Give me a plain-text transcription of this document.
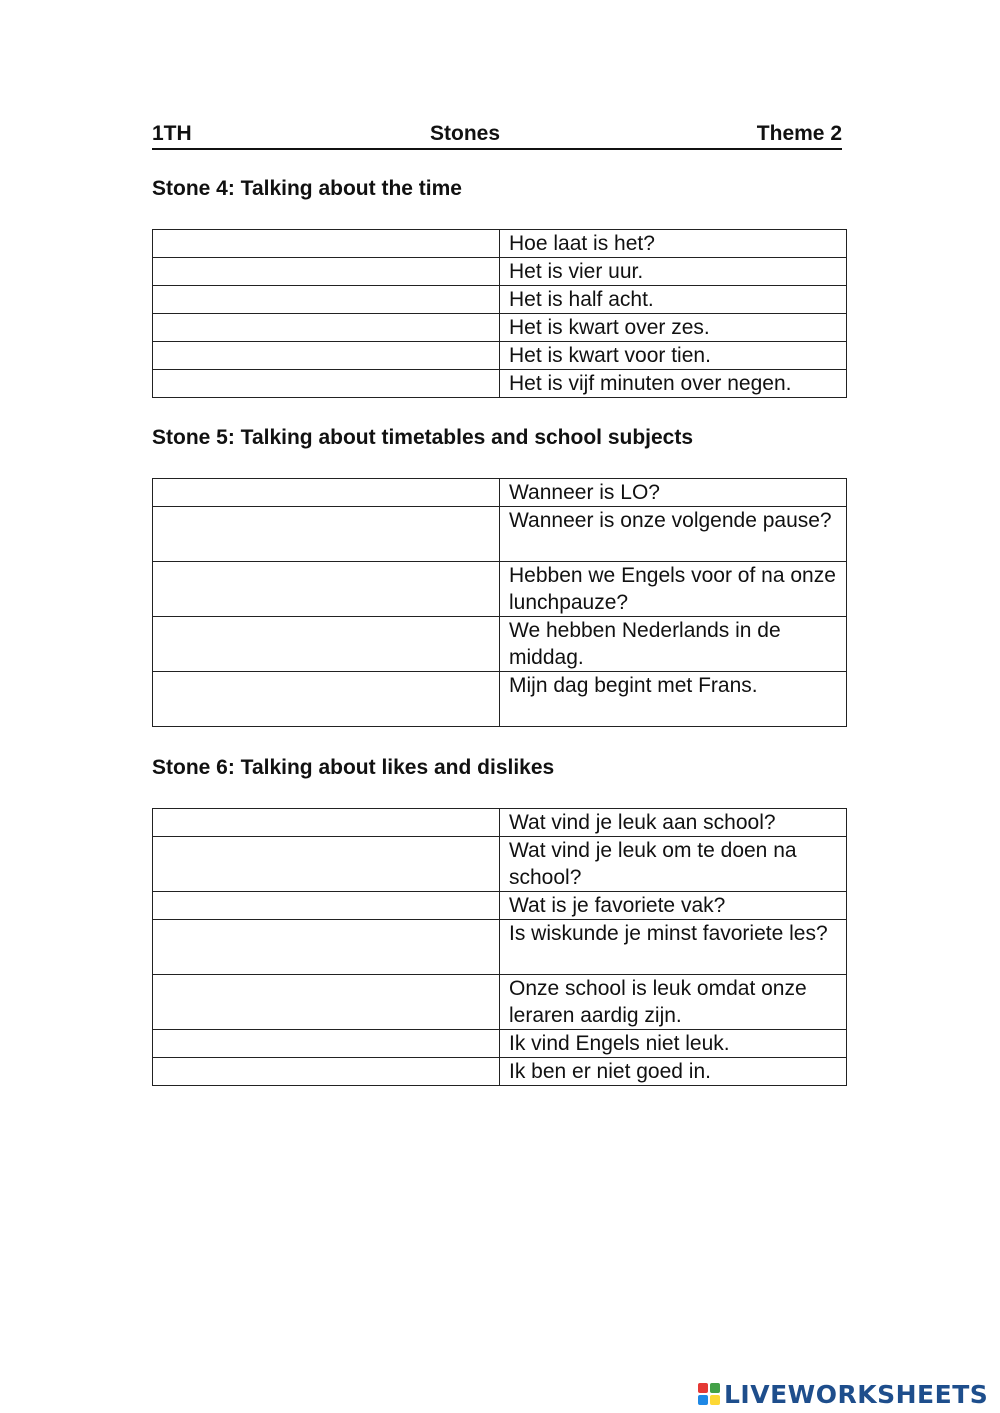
1TH	Stones	Theme 2
Stone 4: Talking about the time
	Hoe laat is het?
	Het is vier uur.
	Het is half acht.
	Het is kwart over zes.
	Het is kwart voor tien.
	Het is vijf minuten over negen.
Stone 5: Talking about timetables and school subjects
	Wanneer is LO?
	Wanneer is onze volgende pause?
	Hebben we Engels voor of na onze lunchpauze?
	We hebben Nederlands in de middag.
	Mijn dag begint met Frans.
Stone 6: Talking about likes and dislikes
	Wat vind je leuk aan school?
	Wat vind je leuk om te doen na school?
	Wat is je favoriete vak?
	Is wiskunde je minst favoriete les?
	Onze school is leuk omdat onze leraren aardig zijn.
	Ik vind Engels niet leuk.
	Ik ben er niet goed in.
LIVEWORKSHEETS
